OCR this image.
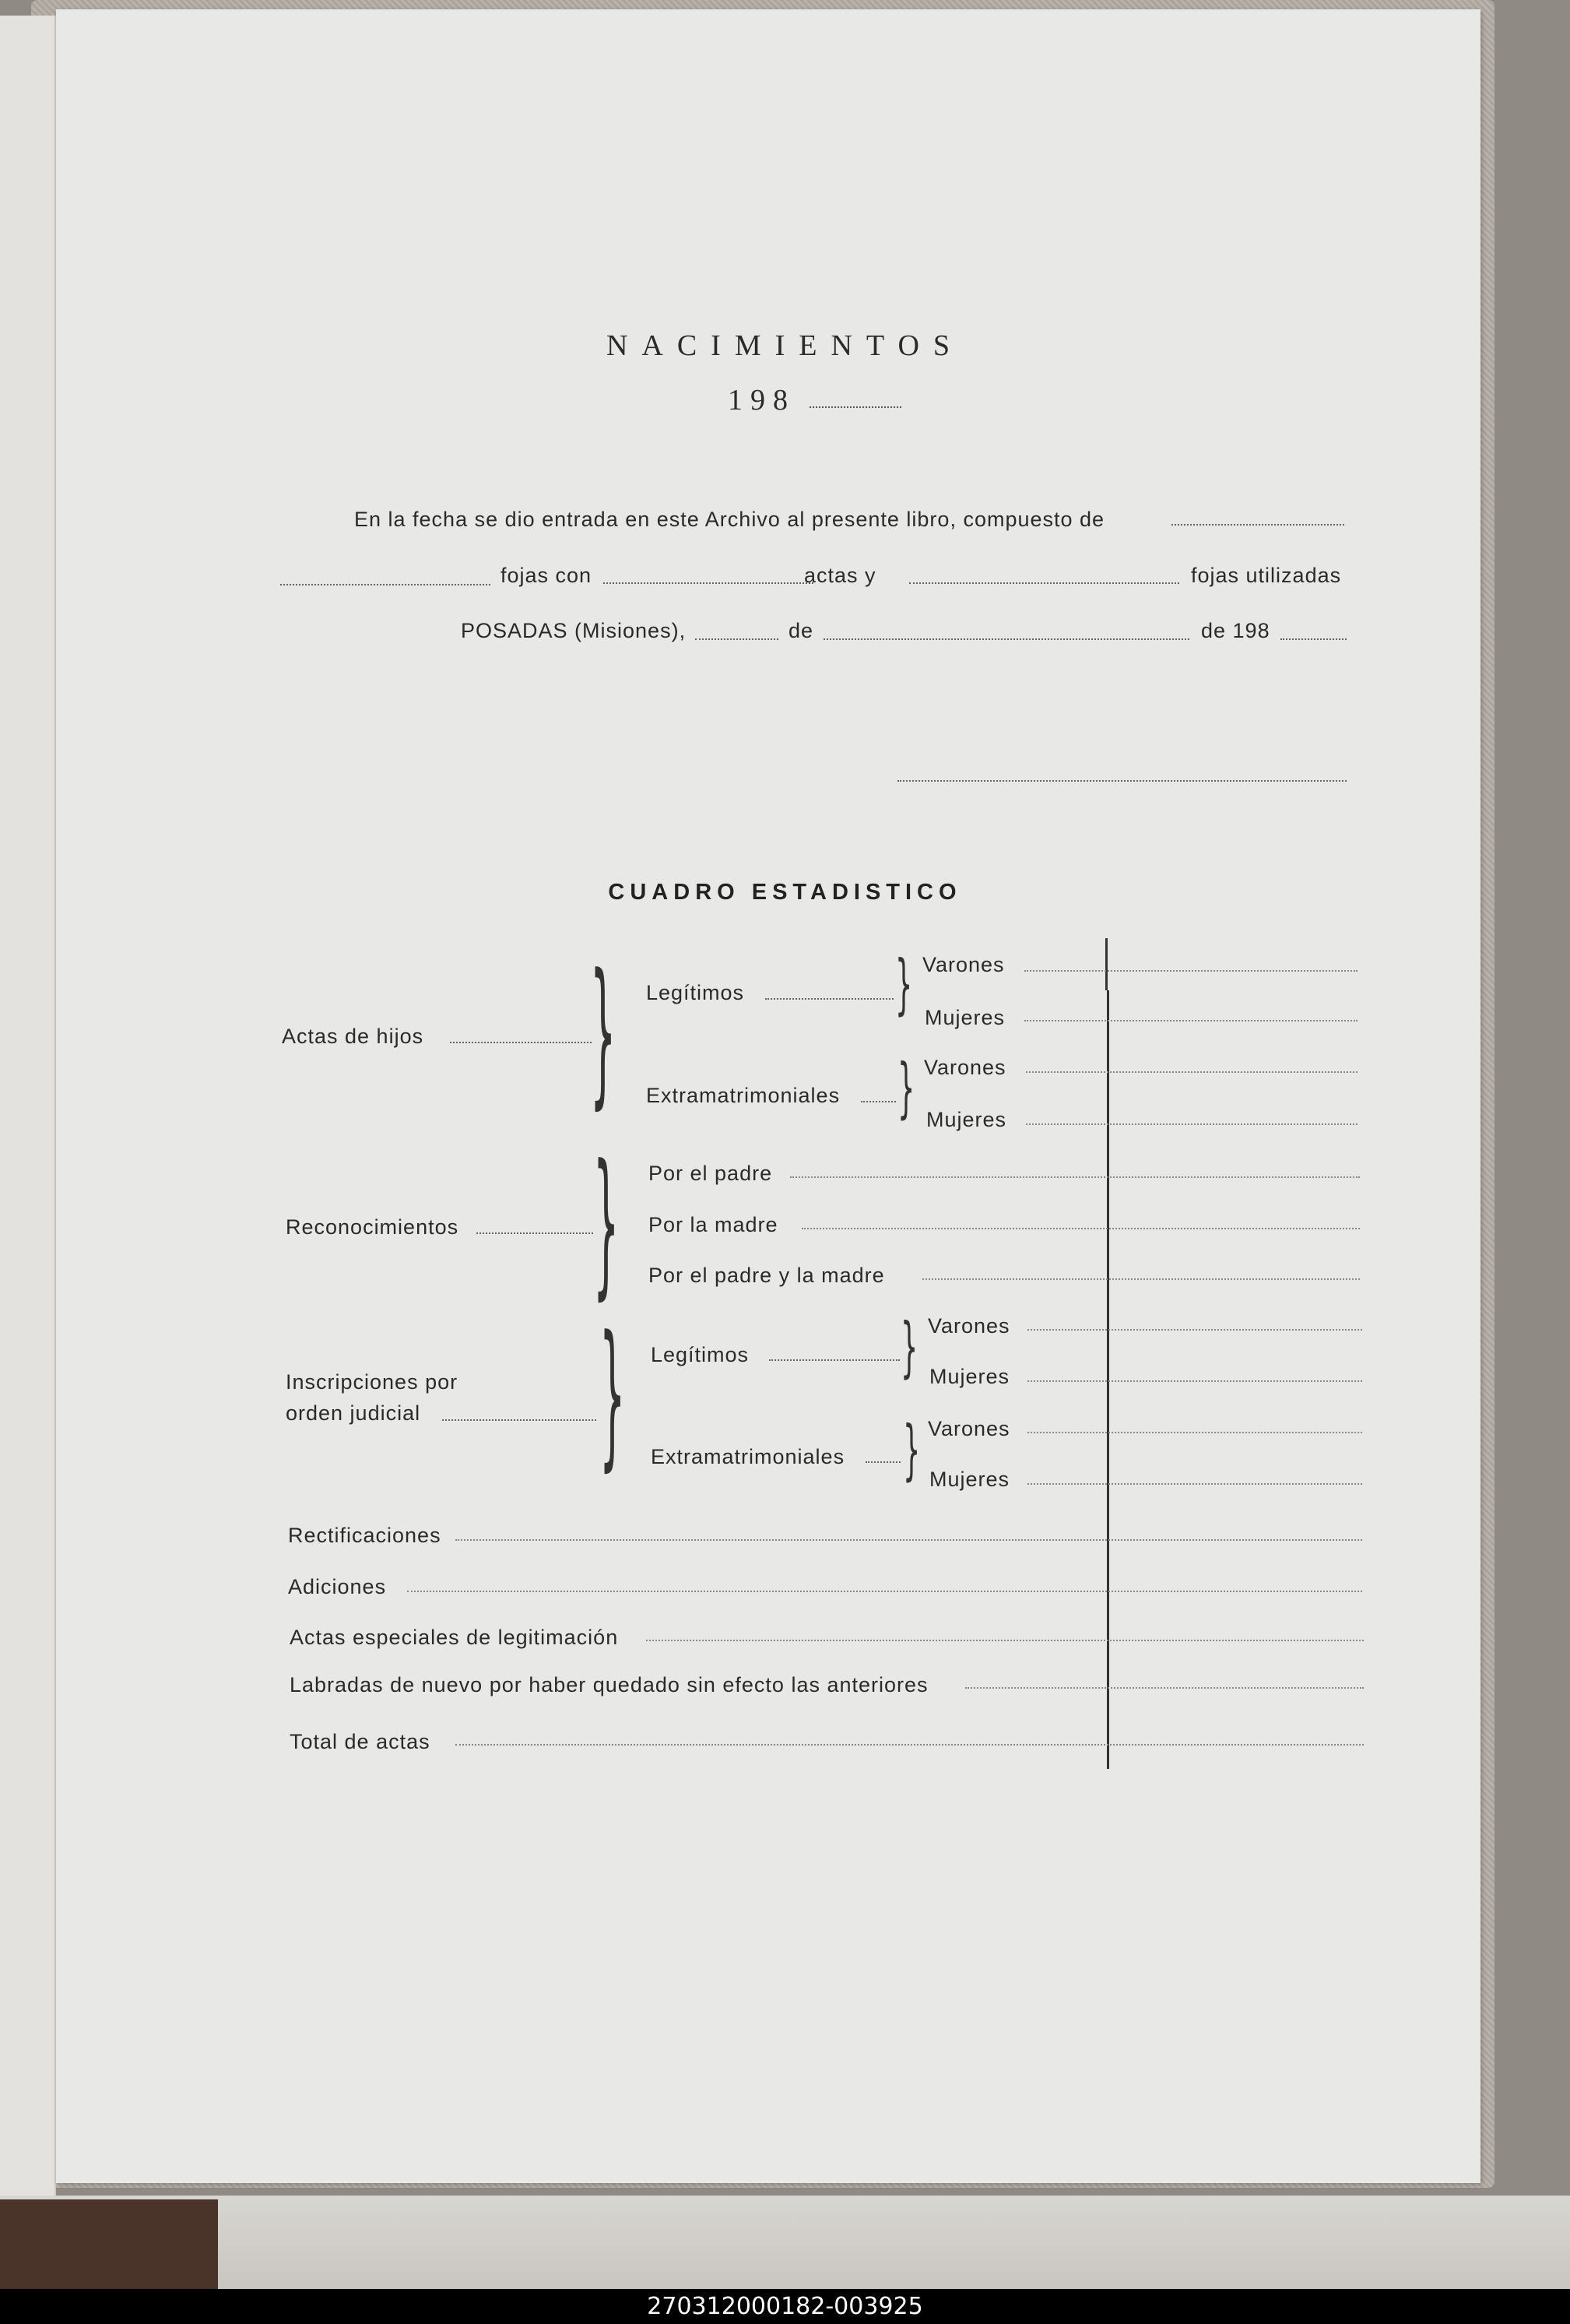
NACIMIENTOS
198
En la fecha se dio entrada en este Archivo al presente libro, compuesto de
fojas con	actas y	fojas utilizadas
POSADAS (Misiones),	de	de 198
CUADRO ESTADISTICO
Actas de hijos } Legítimos	} Varones
Mujeres
Extramatrimoniales } Varones
Mujeres
Reconocimientos } Por el padre
Por la madre
Por el padre y la madre
Inscripciones por
orden judicial } Legítimos	} Varones
Mujeres
Extramatrimoniales } Varones
Mujeres
Rectificaciones
Adiciones
Actas especiales de legitimación
Labradas de nuevo por haber quedado sin efecto las anteriores
Total de actas
270312000182-003925
